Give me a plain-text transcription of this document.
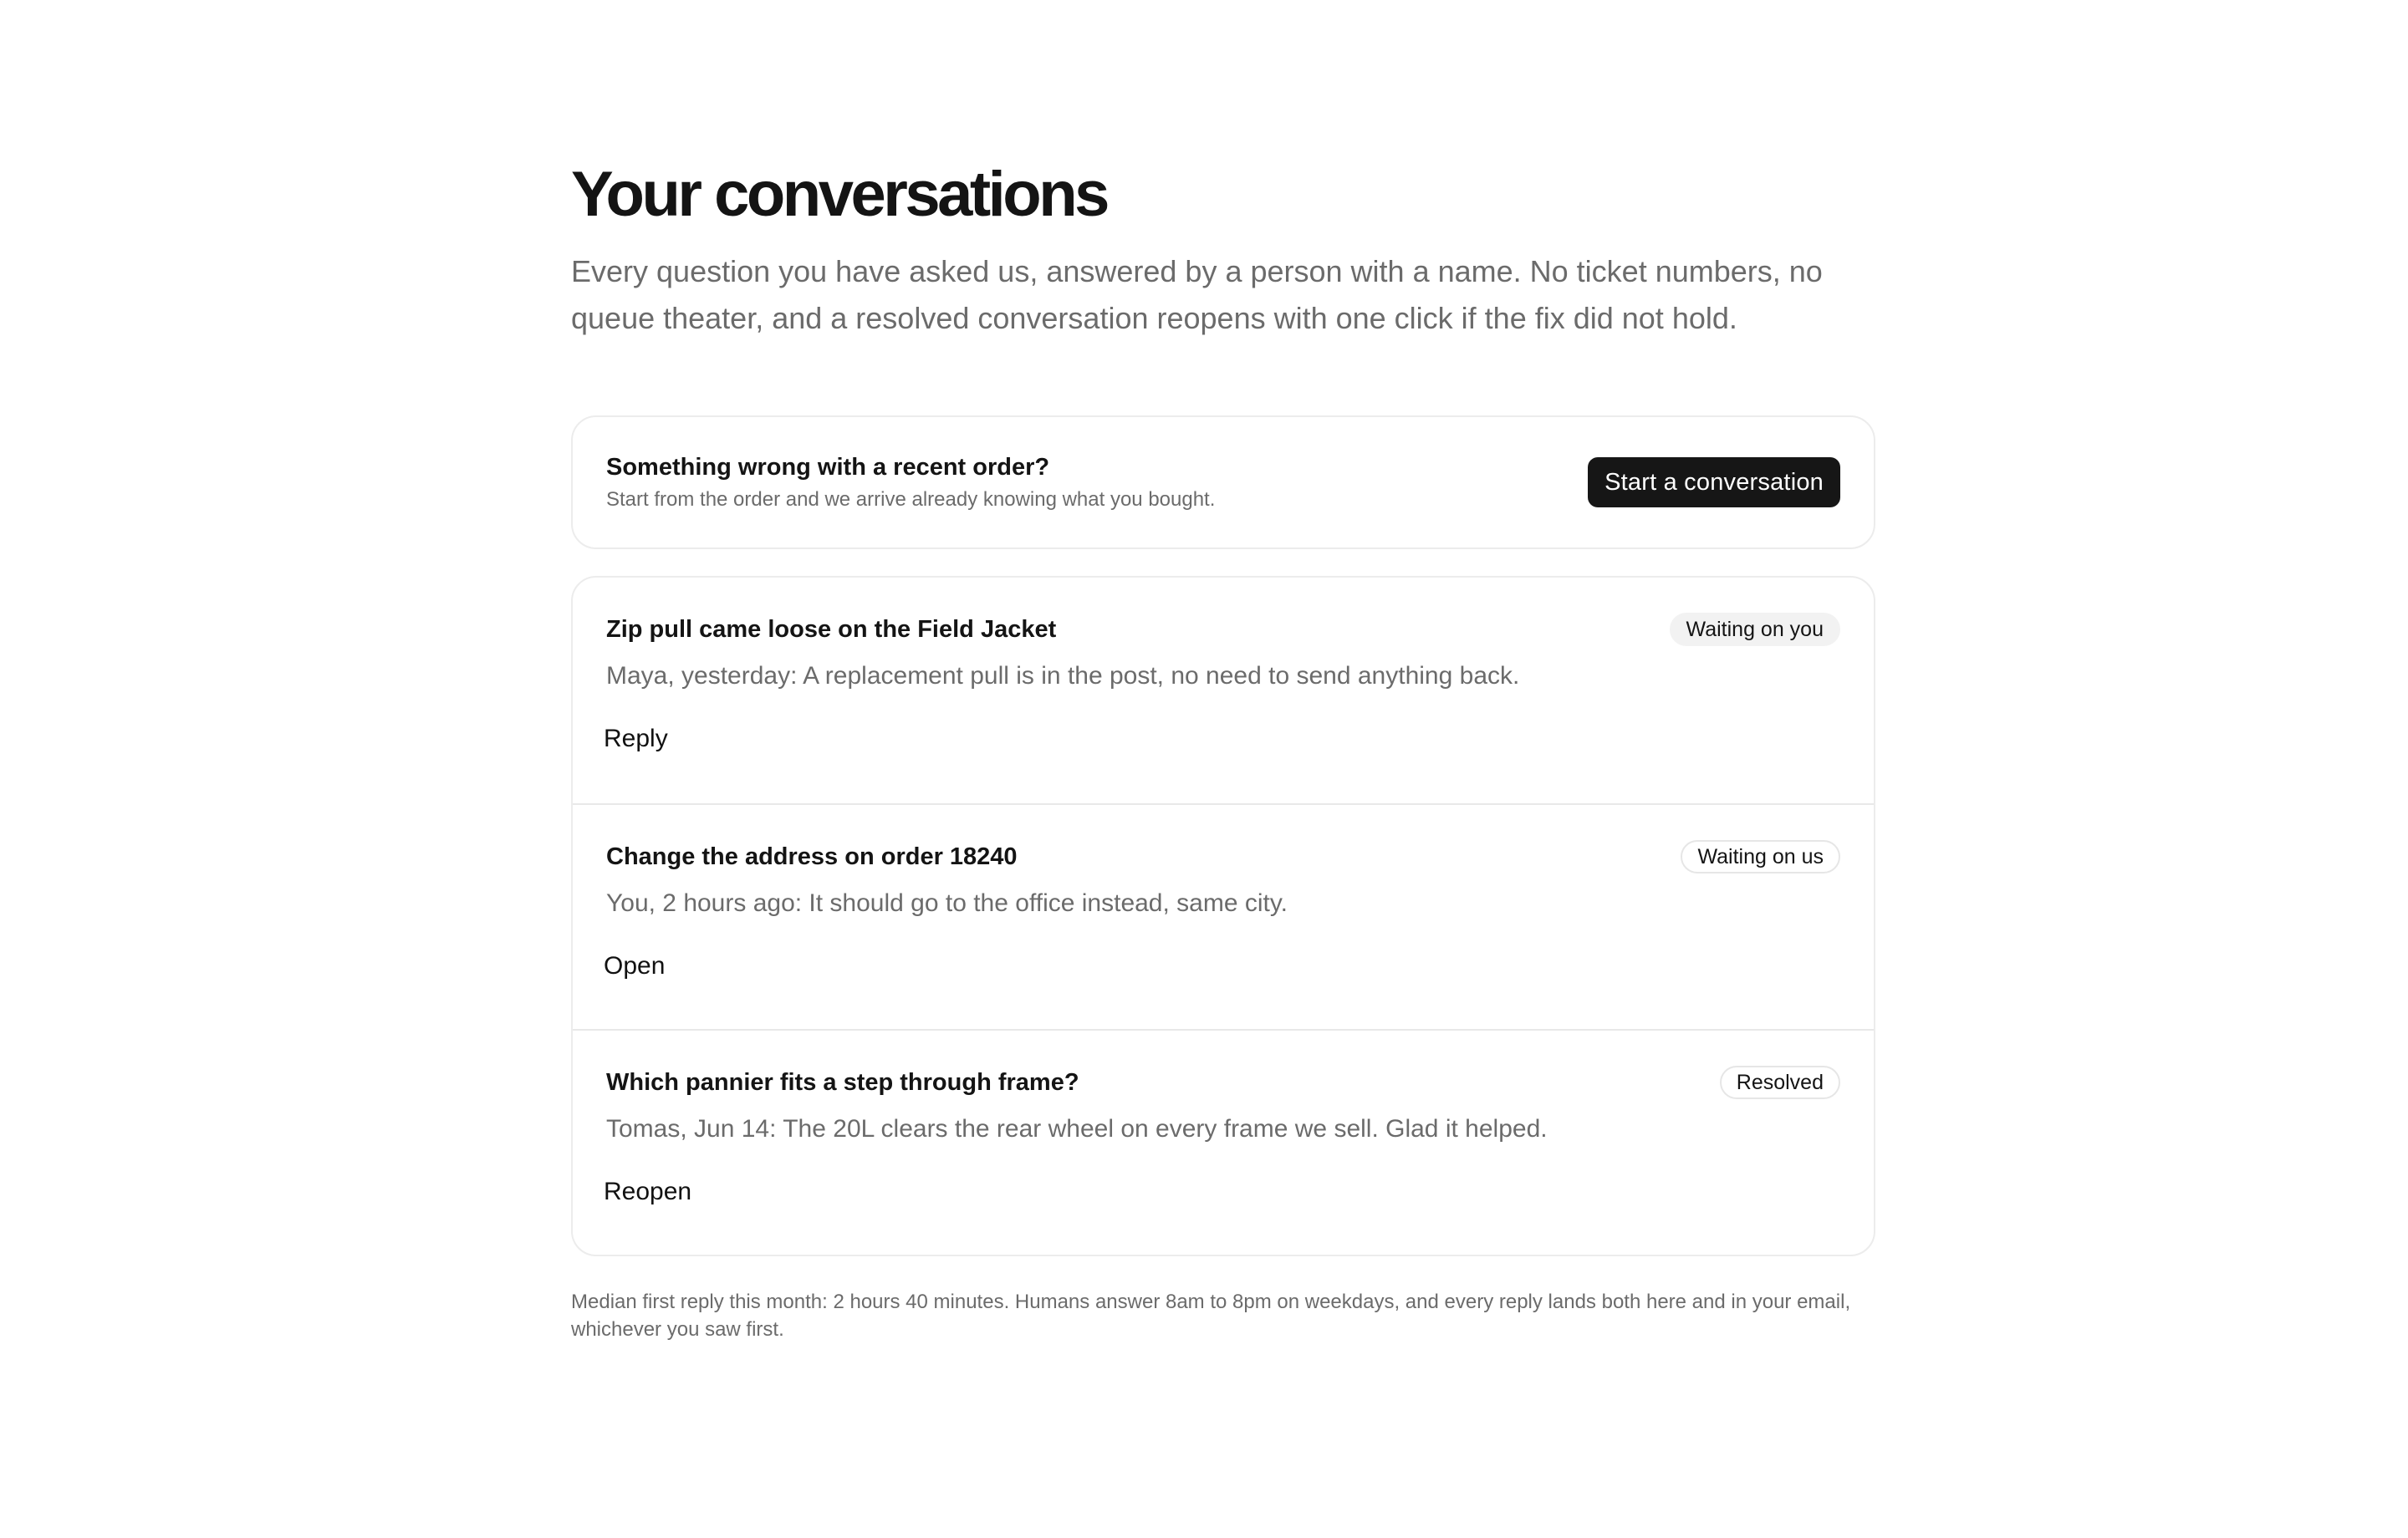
Your conversations

Every question you have asked us, answered by a person with a name. No ticket numbers, no queue theater, and a resolved conversation reopens with one click if the fix did not hold.

Something wrong with a recent order?
Start from the order and we arrive already knowing what you bought.
Start a conversation
Zip pull came loose on the Field Jacket	Waiting on you
Maya, yesterday: A replacement pull is in the post, no need to send anything back.
Reply
Change the address on order 18240	Waiting on us
You, 2 hours ago: It should go to the office instead, same city.
Open
Which pannier fits a step through frame?	Resolved
Tomas, Jun 14: The 20L clears the rear wheel on every frame we sell. Glad it helped.
Reopen

Median first reply this month: 2 hours 40 minutes. Humans answer 8am to 8pm on weekdays, and every reply lands both here and in your email, whichever you saw first.
